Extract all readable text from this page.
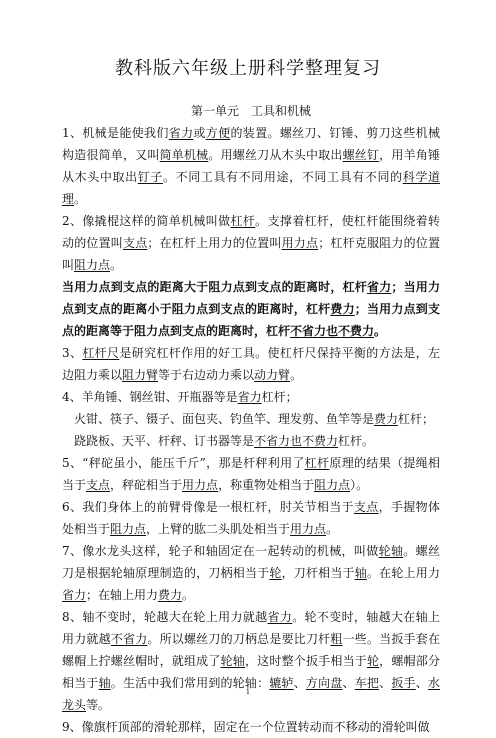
教科版六年级上册科学整理复习

第一单元　工具和机械

1、机械是能使我们省力或方便的装置。螺丝刀、钉锤、剪刀这些机械构造很简单，又叫简单机械。用螺丝刀从木头中取出螺丝钉，用羊角锤从木头中取出钉子。不同工具有不同用途，不同工具有不同的科学道理。

2、像撬棍这样的简单机械叫做杠杆。支撑着杠杆，使杠杆能围绕着转动的位置叫支点；在杠杆上用力的位置叫用力点；杠杆克服阻力的位置叫阻力点。

当用力点到支点的距离大于阻力点到支点的距离时，杠杆省力；当用力点到支点的距离小于阻力点到支点的距离时，杠杆费力；当用力点到支点的距离等于阻力点到支点的距离时，杠杆不省力也不费力。

3、杠杆尺是研究杠杆作用的好工具。使杠杆尺保持平衡的方法是，左边阻力乘以阻力臂等于右边动力乘以动力臂。

4、羊角锤、钢丝钳、开瓶器等是省力杠杆；

火钳、筷子、镊子、面包夹、钓鱼竿、理发剪、鱼竿等是费力杠杆；

跷跷板、天平、杆秤、订书器等是不省力也不费力杠杆。

5、“秤砣虽小，能压千斤”，那是杆秤利用了杠杆原理的结果（提绳相当于支点，秤砣相当于用力点，称重物处相当于阻力点）。

6、我们身体上的前臂骨像是一根杠杆，肘关节相当于支点，手握物体处相当于阻力点，上臂的肱二头肌处相当于用力点。

7、像水龙头这样，轮子和轴固定在一起转动的机械，叫做轮轴。螺丝刀是根据轮轴原理制造的，刀柄相当于轮，刀杆相当于轴。在轮上用力省力；在轴上用力费力。

8、轴不变时，轮越大在轮上用力就越省力。轮不变时，轴越大在轴上用力就越不省力。所以螺丝刀的刀柄总是要比刀杆粗一些。当扳手套在螺帽上拧螺丝帽时，就组成了轮轴，这时整个扳手相当于轮，螺帽部分相当于轴。生活中我们常用到的轮轴：辘轳、方向盘、车把、扳手、水龙头等。

9、像旗杆顶部的滑轮那样，固定在一个位置转动而不移动的滑轮叫做

1
